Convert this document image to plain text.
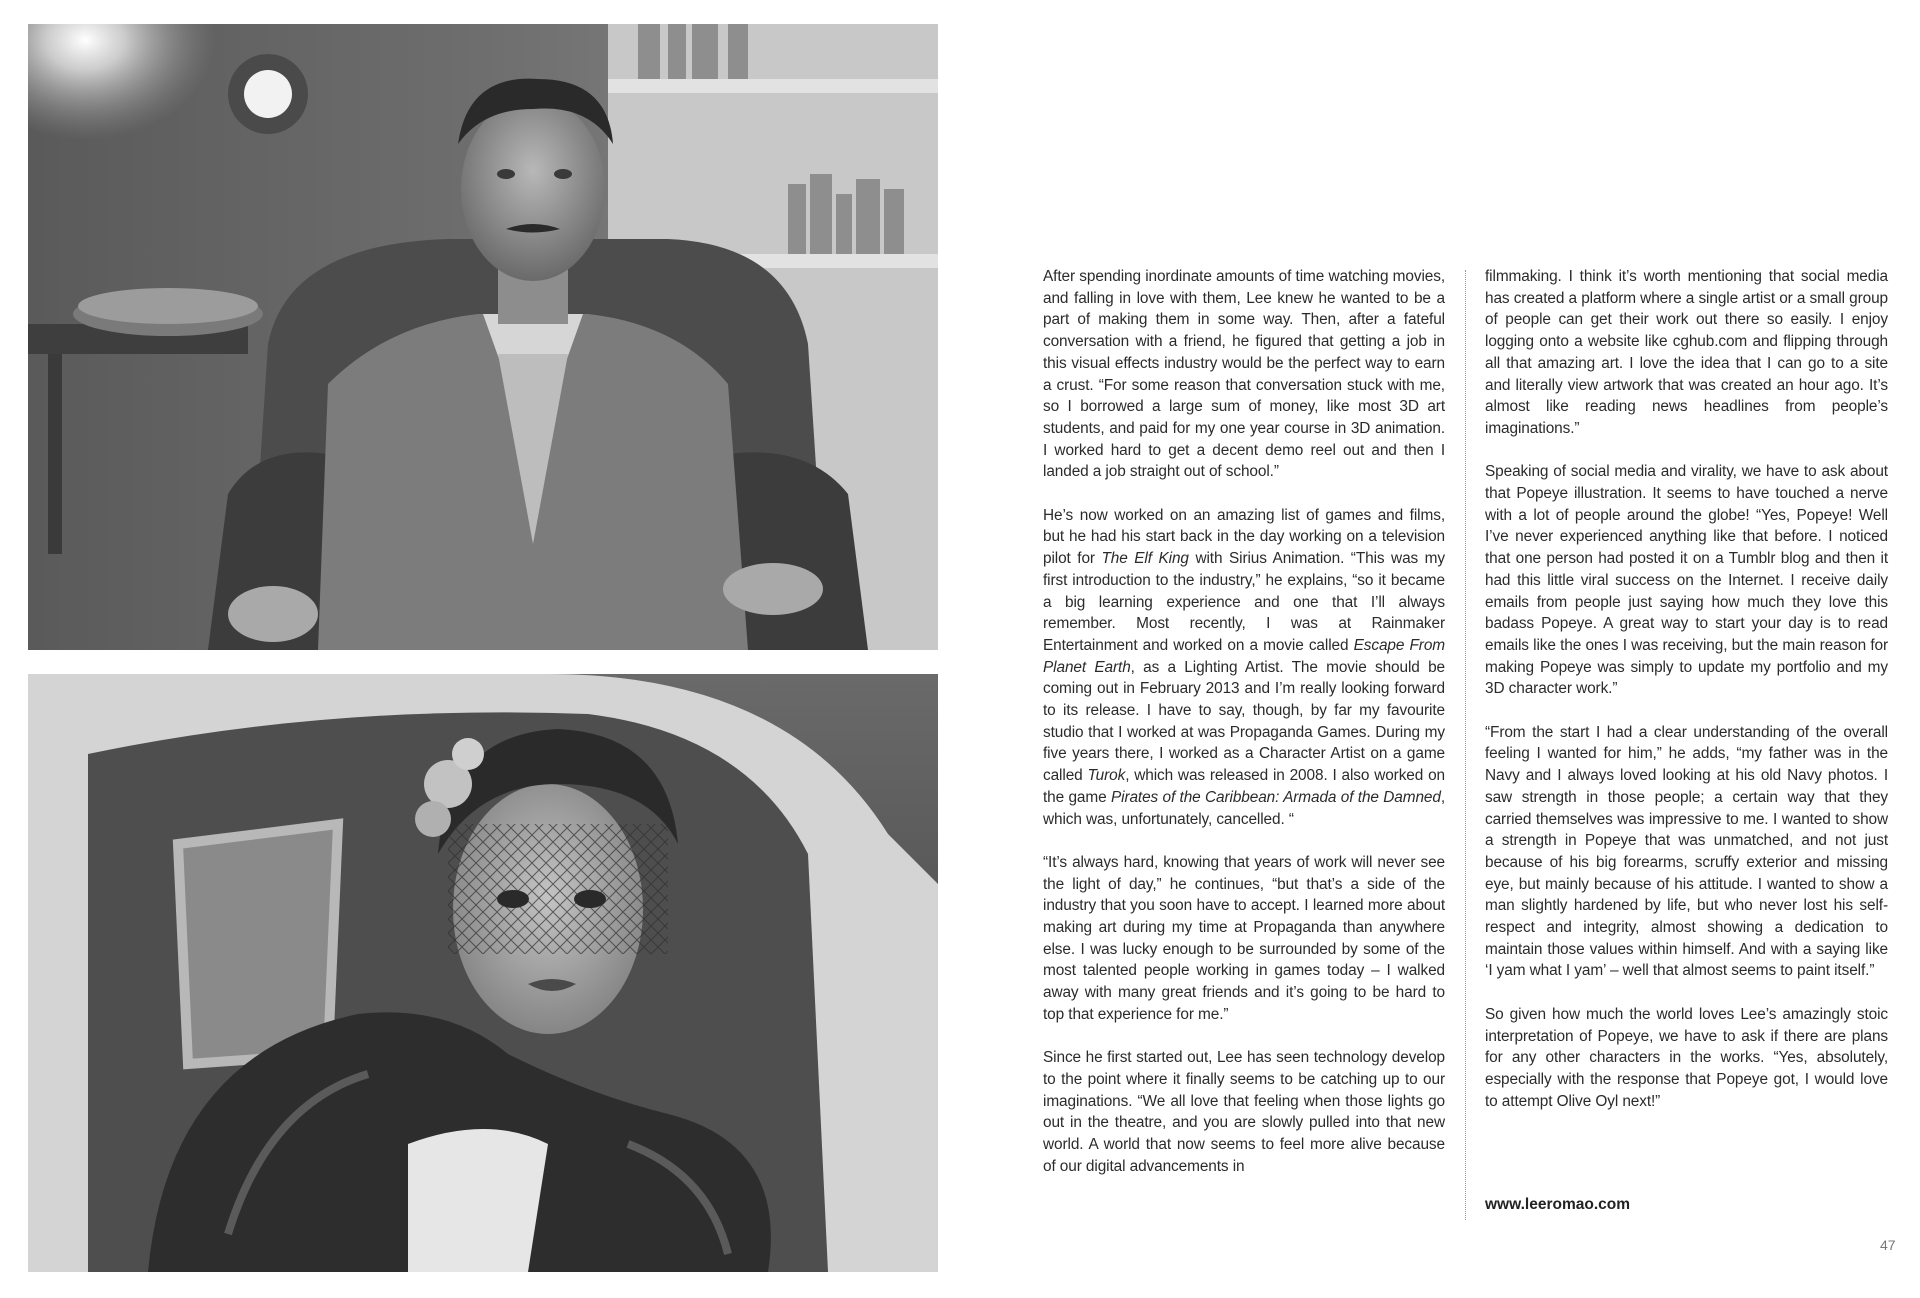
After spending inordinate amounts of time watching movies, and falling in love with them, Lee knew he wanted to be a part of making them in some way. Then, after a fateful conversation with a friend, he figured that getting a job in this visual effects industry would be the perfect way to earn a crust. “For some reason that conversation stuck with me, so I borrowed a large sum of money, like most 3D art students, and paid for my one year course in 3D animation. I worked hard to get a decent demo reel out and then I landed a job straight out of school.”

He’s now worked on an amazing list of games and films, but he had his start back in the day working on a television pilot for The Elf King with Sirius Animation. “This was my first introduction to the industry,” he explains, “so it became a big learning experience and one that I’ll always remember. Most recently, I was at Rainmaker Entertainment and worked on a movie called Escape From Planet Earth, as a Lighting Artist. The movie should be coming out in February 2013 and I’m really looking forward to its release. I have to say, though, by far my favourite studio that I worked at was Propaganda Games. During my five years there, I worked as a Character Artist on a game called Turok, which was released in 2008. I also worked on the game Pirates of the Caribbean: Armada of the Damned, which was, unfortunately, cancelled. “

“It’s always hard, knowing that years of work will never see the light of day,” he continues, “but that’s a side of the industry that you soon have to accept. I learned more about making art during my time at Propaganda than anywhere else. I was lucky enough to be surrounded by some of the most talented people working in games today – I walked away with many great friends and it’s going to be hard to top that experience for me.”

Since he first started out, Lee has seen technology develop to the point where it finally seems to be catching up to our imaginations. “We all love that feeling when those lights go out in the theatre, and you are slowly pulled into that new world. A world that now seems to feel more alive because of our digital advancements in

filmmaking. I think it’s worth mentioning that social media has created a platform where a single artist or a small group of people can get their work out there so easily. I enjoy logging onto a website like cghub.com and flipping through all that amazing art. I love the idea that I can go to a site and literally view artwork that was created an hour ago. It’s almost like reading news headlines from people’s imaginations.”

Speaking of social media and virality, we have to ask about that Popeye illustration. It seems to have touched a nerve with a lot of people around the globe! “Yes, Popeye! Well I’ve never experienced anything like that before. I noticed that one person had posted it on a Tumblr blog and then it had this little viral success on the Internet. I receive daily emails from people just saying how much they love this badass Popeye. A great way to start your day is to read emails like the ones I was receiving, but the main reason for making Popeye was simply to update my portfolio and my 3D character work.”

“From the start I had a clear understanding of the overall feeling I wanted for him,” he adds, “my father was in the Navy and I always loved looking at his old Navy photos. I saw strength in those people; a certain way that they carried themselves was impressive to me. I wanted to show a strength in Popeye that was unmatched, and not just because of his big forearms, scruffy exterior and missing eye, but mainly because of his attitude. I wanted to show a man slightly hardened by life, but who never lost his self-respect and integrity, almost showing a dedication to maintain those values within himself. And with a saying like ‘I yam what I yam’ – well that almost seems to paint itself.”

So given how much the world loves Lee’s amazingly stoic interpretation of Popeye, we have to ask if there are plans for any other characters in the works. “Yes, absolutely, especially with the response that Popeye got, I would love to attempt Olive Oyl next!”

www.leeromao.com
47
